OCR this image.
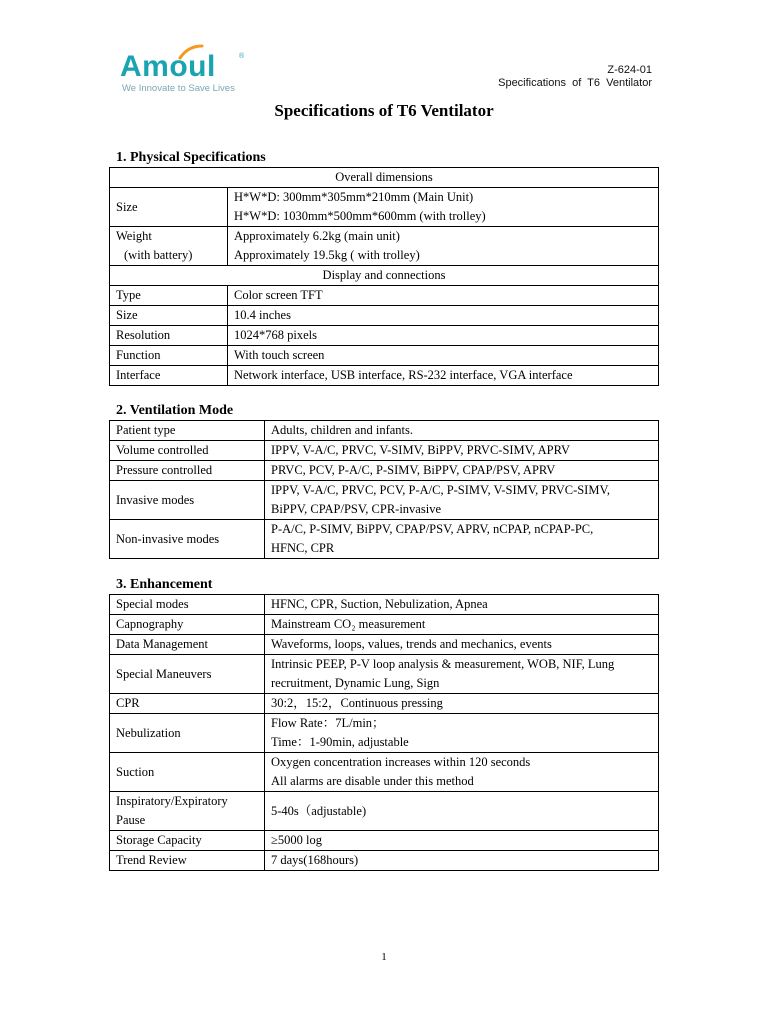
Amoul	®
We Innovate to Save Lives
Z-624-01
Specifications  of  T6  Ventilator
Specifications of T6 Ventilator
1. Physical Specifications
Overall dimensions	
Size	H*W*D: 300mm*305mm*210mm (Main Unit)
H*W*D: 1030mm*500mm*600mm (with trolley)

Weight
(with battery)	Approximately 6.2kg (main unit)
Approximately 19.5kg ( with trolley)

Display and connections	
Type	Color screen TFT

Size	10.4 inches

Resolution	1024*768 pixels

Function	With touch screen

Interface	Network interface, USB interface, RS-232 interface, VGA interface
2. Ventilation Mode
Patient type	Adults, children and infants.

Volume controlled	IPPV, V-A/C, PRVC, V-SIMV, BiPPV, PRVC-SIMV, APRV

Pressure controlled	PRVC, PCV, P-A/C, P-SIMV, BiPPV, CPAP/PSV, APRV

Invasive modes	IPPV, V-A/C, PRVC, PCV, P-A/C, P-SIMV, V-SIMV, PRVC-SIMV,
BiPPV, CPAP/PSV, CPR-invasive

Non-invasive modes	P-A/C, P-SIMV, BiPPV, CPAP/PSV, APRV, nCPAP, nCPAP-PC,
HFNC, CPR
3. Enhancement
Special modes	HFNC, CPR, Suction, Nebulization, Apnea

Capnography	Mainstream CO₂ measurement

Data Management	Waveforms, loops, values, trends and mechanics, events

Special Maneuvers	Intrinsic PEEP, P-V loop analysis & measurement, WOB, NIF, Lung
recruitment, Dynamic Lung, Sign

CPR	30:2，15:2，Continuous pressing

Nebulization	Flow Rate：7L/min；
Time：1-90min, adjustable

Suction	Oxygen concentration increases within 120 seconds
All alarms are disable under this method

Inspiratory/Expiratory
Pause	5-40s（adjustable)

Storage Capacity	≥5000 log

Trend Review	7 days(168hours)
1
